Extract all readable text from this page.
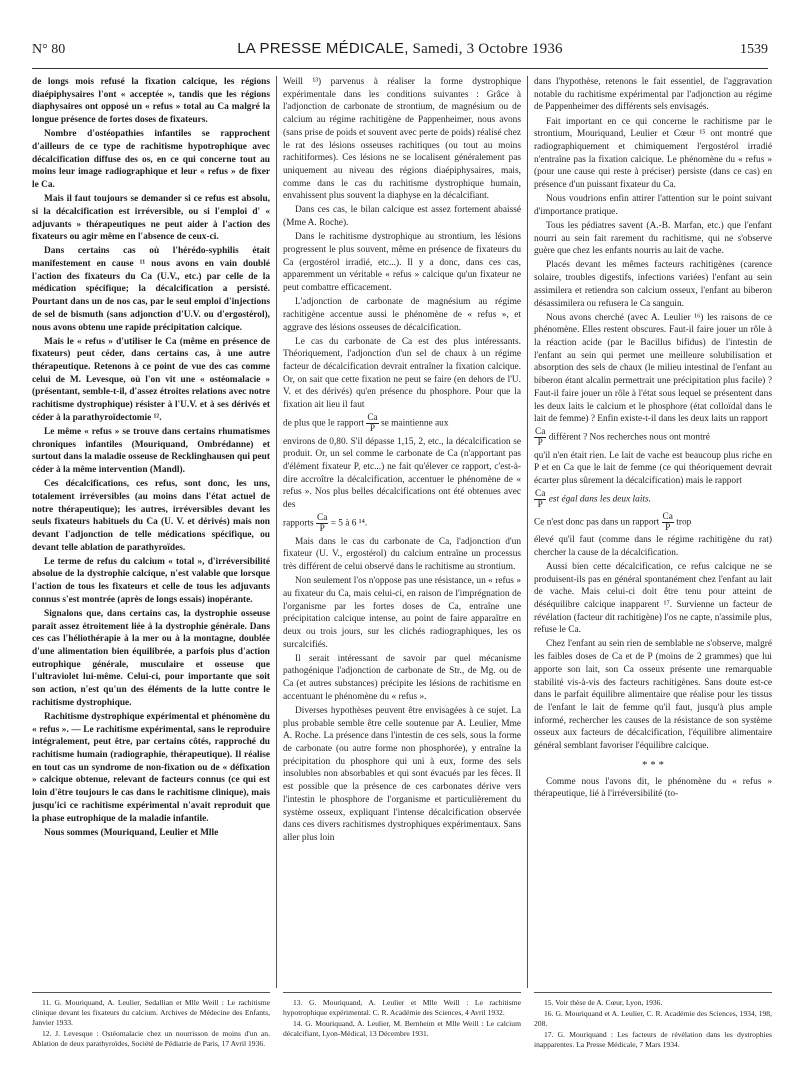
N° 80	LA PRESSE MÉDICALE, Samedi, 3 Octobre 1936	1539

de longs mois refusé la fixation calcique, les régions diaépiphysaires l'ont « acceptée », tandis que les régions diaphysaires ont opposé un « refus » total au Ca malgré la longue présence de fortes doses de fixateurs.

Nombre d'ostéopathies infantiles se rapprochent d'ailleurs de ce type de rachitisme hypotrophique avec décalcification diffuse des os, en ce qui concerne tout au moins leur image radiographique et leur « refus » de fixer le Ca.

Mais il faut toujours se demander si ce refus est absolu, si la décalcification est irréversible, ou si l'emploi d' « adjuvants » thérapeutiques ne peut aider à l'action des fixateurs ou agir même en l'absence de ceux-ci.

Dans certains cas où l'hérédo-syphilis était manifestement en cause ¹¹ nous avons en vain doublé l'action des fixateurs du Ca (U.V., etc.) par celle de la médication spécifique; la décalcification a persisté. Pourtant dans un de nos cas, par le seul emploi d'injections de sel de bismuth (sans adjonction d'U.V. ou d'ergostérol), nous avons obtenu une rapide précipitation calcique.

Mais le « refus » d'utiliser le Ca (même en présence de fixateurs) peut céder, dans certains cas, à une autre thérapeutique. Retenons à ce point de vue des cas comme celui de M. Levesque, où l'on vit une « ostéomalacie » (présentant, semble-t-il, d'assez étroites relations avec notre rachitisme dystrophique) résister à l'U.V. et à ses dérivés et céder à la parathyroïdectomie ¹².

Le même « refus » se trouve dans certains rhumatismes chroniques infantiles (Mouriquand, Ombrédanne) et surtout dans la maladie osseuse de Recklinghausen qui peut céder à la même intervention (Mandl).

Ces décalcifications, ces refus, sont donc, les uns, totalement irréversibles (au moins dans l'état actuel de notre thérapeutique); les autres, irréversibles devant les seuls fixateurs habituels du Ca (U. V. et dérivés) mais non devant l'adjonction de telle médications spécifique, ou devant telle ablation de parathyroïdes.

Le terme de refus du calcium « total », d'irréversibilité absolue de la dystrophie calcique, n'est valable que lorsque l'action de tous les fixateurs et celle de tous les adjuvants connus s'est montrée (après de longs essais) inopérante.

Signalons que, dans certains cas, la dystrophie osseuse paraît assez étroitement liée à la dystrophie générale. Dans ces cas l'héliothérapie à la mer ou à la montagne, doublée d'une alimentation bien équilibrée, a parfois plus d'action eutrophique générale, musculaire et osseuse que l'ultraviolet lui-même. Celui-ci, pour importante que soit son action, n'est qu'un des éléments de la lutte contre le rachitisme dystrophique.

Rachitisme dystrophique expérimental et phénomène du « refus ». — Le rachitisme expérimental, sans le reproduire intégralement, peut être, par certains côtés, rapproché du rachitisme humain (radiographie, thérapeutique). Il réalise en tout cas un syndrome de non-fixation ou de « défixation » calcique obtenue, relevant de facteurs connus (ce qui est loin d'être toujours le cas dans le rachitisme clinique), mais jusqu'ici ce rachitisme expérimental n'avait reproduit que la phase eutrophique de la maladie infantile.

Nous sommes (Mouriquand, Leulier et Mlle

Weill ¹³) parvenus à réaliser la forme dystrophique expérimentale dans les conditions suivantes : Grâce à l'adjonction de carbonate de strontium, de magnésium ou de calcium au régime rachitigène de Pappenheimer, nous avons (sans prise de poids et souvent avec perte de poids) réalisé chez le rat des lésions osseuses rachitiques (ou tout au moins rachitiformes). Ces lésions ne se localisent généralement pas uniquement au niveau des régions diaépiphysaires, mais, comme dans le cas du rachitisme dystrophique humain, envahissent plus souvent la diaphyse en la décalcifiant.

Dans ces cas, le bilan calcique est assez fortement abaissé (Mme A. Roche).

Dans le rachitisme dystrophique au strontium, les lésions progressent le plus souvent, même en présence de fixateurs du Ca (ergostérol irradié, etc...). Il y a donc, dans ces cas, apparemment un véritable « refus » calcique qu'un fixateur ne peut combattre efficacement.

L'adjonction de carbonate de magnésium au régime rachitigène accentue aussi le phénomène de « refus », et aggrave des lésions osseuses de décalcification.

Le cas du carbonate de Ca est des plus intéressants. Théoriquement, l'adjonction d'un sel de chaux à un régime facteur de décalcification devrait entraîner la fixation calcique. Or, on sait que cette fixation ne peut se faire (en dehors de l'U. V. et des dérivés) qu'en présence du phosphore. Pour que la fixation ait lieu il faut

de plus que le rapport $\frac{Ca}{P}$ se maintienne aux

environs de 0,80. S'il dépasse 1,15, 2, etc., la décalcification se produit. Or, un sel comme le carbonate de Ca (n'apportant pas d'élément fixateur P, etc...) ne fait qu'élever ce rapport, c'est-à-dire accroître la décalcification, accentuer le phénomène de « refus ». Nos plus belles décalcifications ont été obtenues avec des

rapports $\frac{Ca}{P} = 5$ à 6 ¹⁴.

Mais dans le cas du carbonate de Ca, l'adjonction d'un fixateur (U. V., ergostérol) du calcium entraîne un processus très différent de celui observé dans le rachitisme au strontium.

Non seulement l'os n'oppose pas une résistance, un « refus » au fixateur du Ca, mais celui-ci, en raison de l'imprégnation de l'organisme par les fortes doses de Ca, entraîne une précipitation calcique intense, au point de faire apparaître en deux ou trois jours, sur les clichés radiographiques, les os surcalcifiés.

Il serait intéressant de savoir par quel mécanisme pathogénique l'adjonction de carbonate de Str., de Mg. ou de Ca (et autres substances) précipite les lésions de rachitisme en accentuant le phénomène du « refus ».

Diverses hypothèses peuvent être envisagées à ce sujet. La plus probable semble être celle soutenue par A. Leulier, Mme A. Roche. La présence dans l'intestin de ces sels, sous la forme de carbonate (ou autre forme non phosphorée), y entraîne la précipitation du phosphore qui uni à eux, forme des sels insolubles non absorbables et qui sont évacués par les fèces. Il est possible que la présence de ces carbonates dérive vers l'intestin le phosphore de l'organisme et particulièrement du système osseux, expliquant l'intense décalcification observée dans ces divers rachitismes dystrophiques expérimentaux. Sans aller plus loin

dans l'hypothèse, retenons le fait essentiel, de l'aggravation notable du rachitisme expérimental par l'adjonction au régime de Pappenheimer des différents sels envisagés.

Fait important en ce qui concerne le rachitisme par le strontium, Mouriquand, Leulier et Cœur ¹⁵ ont montré que radiographiquement et chimiquement l'ergostérol irradié n'entraîne pas la fixation calcique. Le phénomène du « refus » (pour une cause qui reste à préciser) persiste (dans ce cas) en présence d'un puissant fixateur du Ca.

Nous voudrions enfin attirer l'attention sur le point suivant d'importance pratique.

Tous les pédiatres savent (A.-B. Marfan, etc.) que l'enfant nourri au sein fait rarement du rachitisme, qui ne s'observe guère que chez les enfants nourris au lait de vache.

Placés devant les mêmes facteurs rachitigènes (carence solaire, troubles digestifs, infections variées) l'enfant au sein assimilera et retiendra son calcium osseux, l'enfant au biberon désassimilera ou refusera le Ca sanguin.

Nous avons cherché (avec A. Leulier ¹⁶) les raisons de ce phénomène. Elles restent obscures. Faut-il faire jouer un rôle à la réaction acide (par le Bacillus bifidus) de l'intestin de l'enfant au sein qui permet une meilleure solubilisation et absorption des sels de chaux (le milieu intestinal de l'enfant au biberon étant alcalin permettrait une précipitation plus facile) ? Faut-il faire jouer un rôle à l'état sous lequel se présentent dans les deux laits le calcium et le phosphore (état colloïdal dans le lait de femme) ? Enfin existe-t-il dans les deux laits un rapport

$\frac{Ca}{P}$ différent ? Nos recherches nous ont montré

qu'il n'en était rien. Le lait de vache est beaucoup plus riche en P et en Ca que le lait de femme (ce qui théoriquement devrait écarter plus sûrement la décalcification) mais le rapport

$\frac{Ca}{P}$ est égal dans les deux laits.

Ce n'est donc pas dans un rapport $\frac{Ca}{P}$ trop

élevé qu'il faut (comme dans le régime rachitigène du rat) chercher la cause de la décalcification.

Aussi bien cette décalcification, ce refus calcique ne se produisent-ils pas en général spontanément chez l'enfant au lait de vache. Mais celui-ci doit être tenu pour atteint de déséquilibre calcique inapparent ¹⁷. Survienne un facteur de révélation (facteur dit rachitigène) l'os ne capte, n'assimile plus, refuse le Ca.

Chez l'enfant au sein rien de semblable ne s'observe, malgré les faibles doses de Ca et de P (moins de 2 grammes) que lui apporte son lait, son Ca osseux présente une remarquable stabilité vis-à-vis des facteurs rachitigènes. Sans doute est-ce dans le parfait équilibre alimentaire que réalise pour les tissus de l'enfant le lait de femme qu'il faut, jusqu'à plus ample informé, rechercher les causes de la résistance de son système osseux aux facteurs de décalcification, l'équilibre alimentaire général semblant favoriser l'équilibre calcique.

* * *

Comme nous l'avons dit, le phénomène du « refus » thérapeutique, lié à l'irréversibilité (to-

11. G. Mouriquand, A. Leulier, Sedallian et Mlle Weill : Le rachitisme clinique devant les fixateurs du calcium. Archives de Médecine des Enfants, Janvier 1933.

12. J. Levesque : Ostéomalacie chez un nourrisson de moins d'un an. Ablation de deux parathyroïdes, Société de Pédiatrie de Paris, 17 Avril 1936.

13. G. Mouriquand, A. Leulier et Mlle Weill : Le rachitisme hypotrophique expérimental. C. R. Académie des Sciences, 4 Avril 1932.

14. G. Mouriquand, A. Leulier, M. Bernheim et Mlle Weill : Le calcium décalcifiant, Lyon-Médical, 13 Décembre 1931.

15. Voir thèse de A. Cœur, Lyon, 1936.

16. G. Mouriquand et A. Leulier, C. R. Académie des Sciences, 1934, 198, 208.

17. G. Mouriquand : Les facteurs de révélation dans les dystrophies inapparentes. La Presse Médicale, 7 Mars 1934.
